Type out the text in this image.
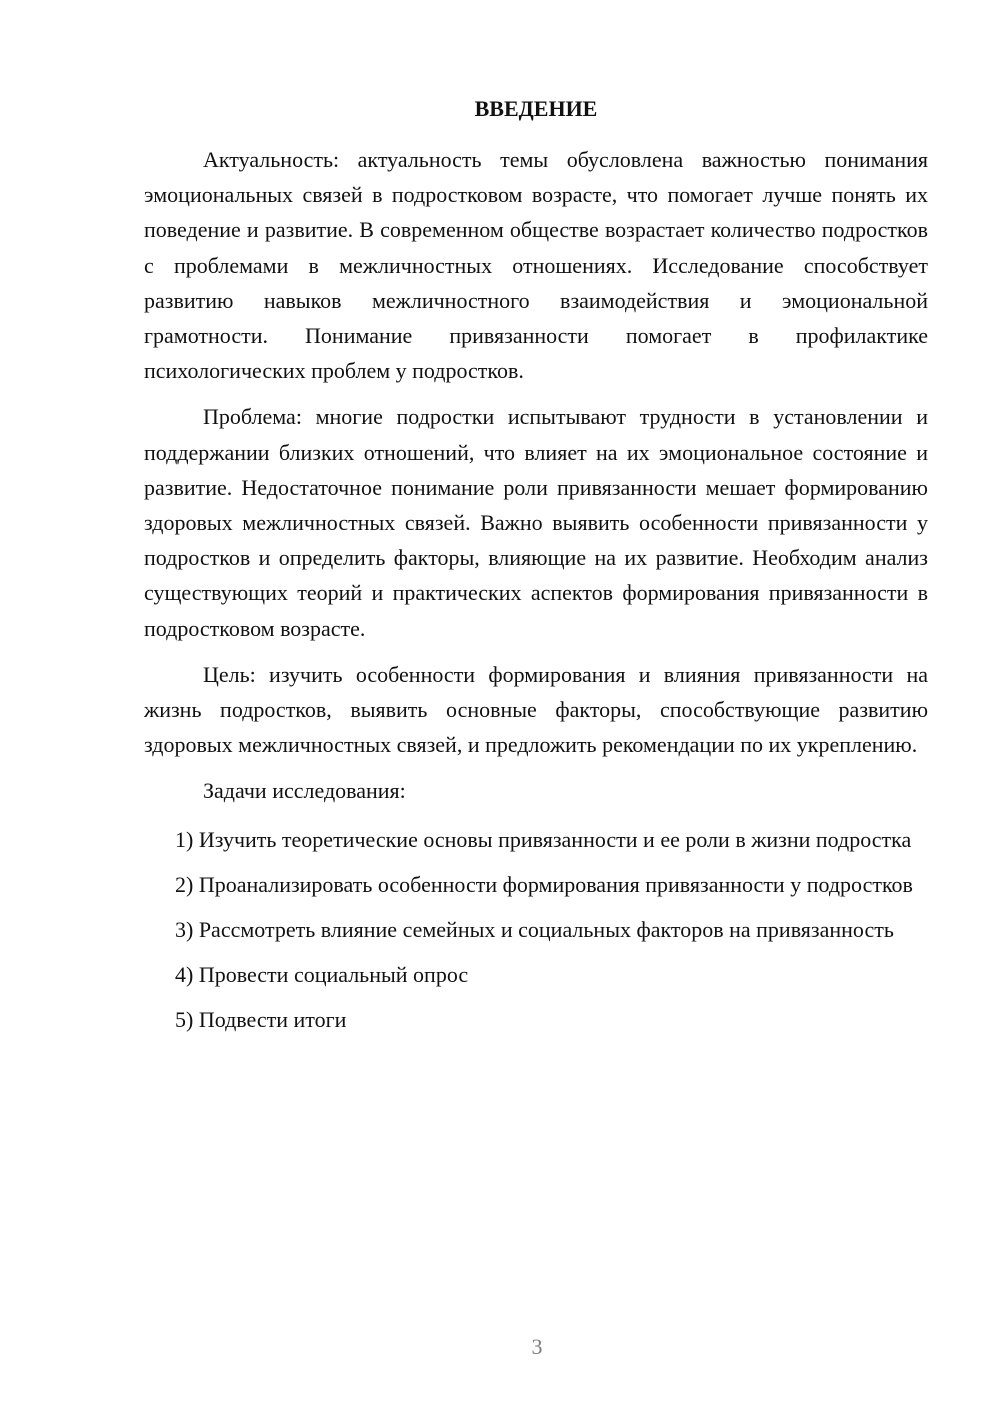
ВВЕДЕНИЕ

Актуальность: актуальность темы обусловлена важностью понимания эмоциональных связей в подростковом возрасте, что помогает лучше понять их поведение и развитие. В современном обществе возрастает количество подростков с проблемами в межличностных отношениях. Исследование способствует развитию навыков межличностного взаимодействия и эмоциональной грамотности. Понимание привязанности помогает в профилактике психологических проблем у подростков.

Проблема: многие подростки испытывают трудности в установлении и поддержании близких отношений, что влияет на их эмоциональное состояние и развитие. Недостаточное понимание роли привязанности мешает формированию здоровых межличностных связей. Важно выявить особенности привязанности у подростков и определить факторы, влияющие на их развитие. Необходим анализ существующих теорий и практических аспектов формирования привязанности в подростковом возрасте.

Цель: изучить особенности формирования и влияния привязанности на жизнь подростков, выявить основные факторы, способствующие развитию здоровых межличностных связей, и предложить рекомендации по их укреплению.

Задачи исследования:

1) Изучить теоретические основы привязанности и ее роли в жизни подростка

2) Проанализировать особенности формирования привязанности у подростков

3) Рассмотреть влияние семейных и социальных факторов на привязанность

4) Провести социальный опрос

5) Подвести итоги

3
